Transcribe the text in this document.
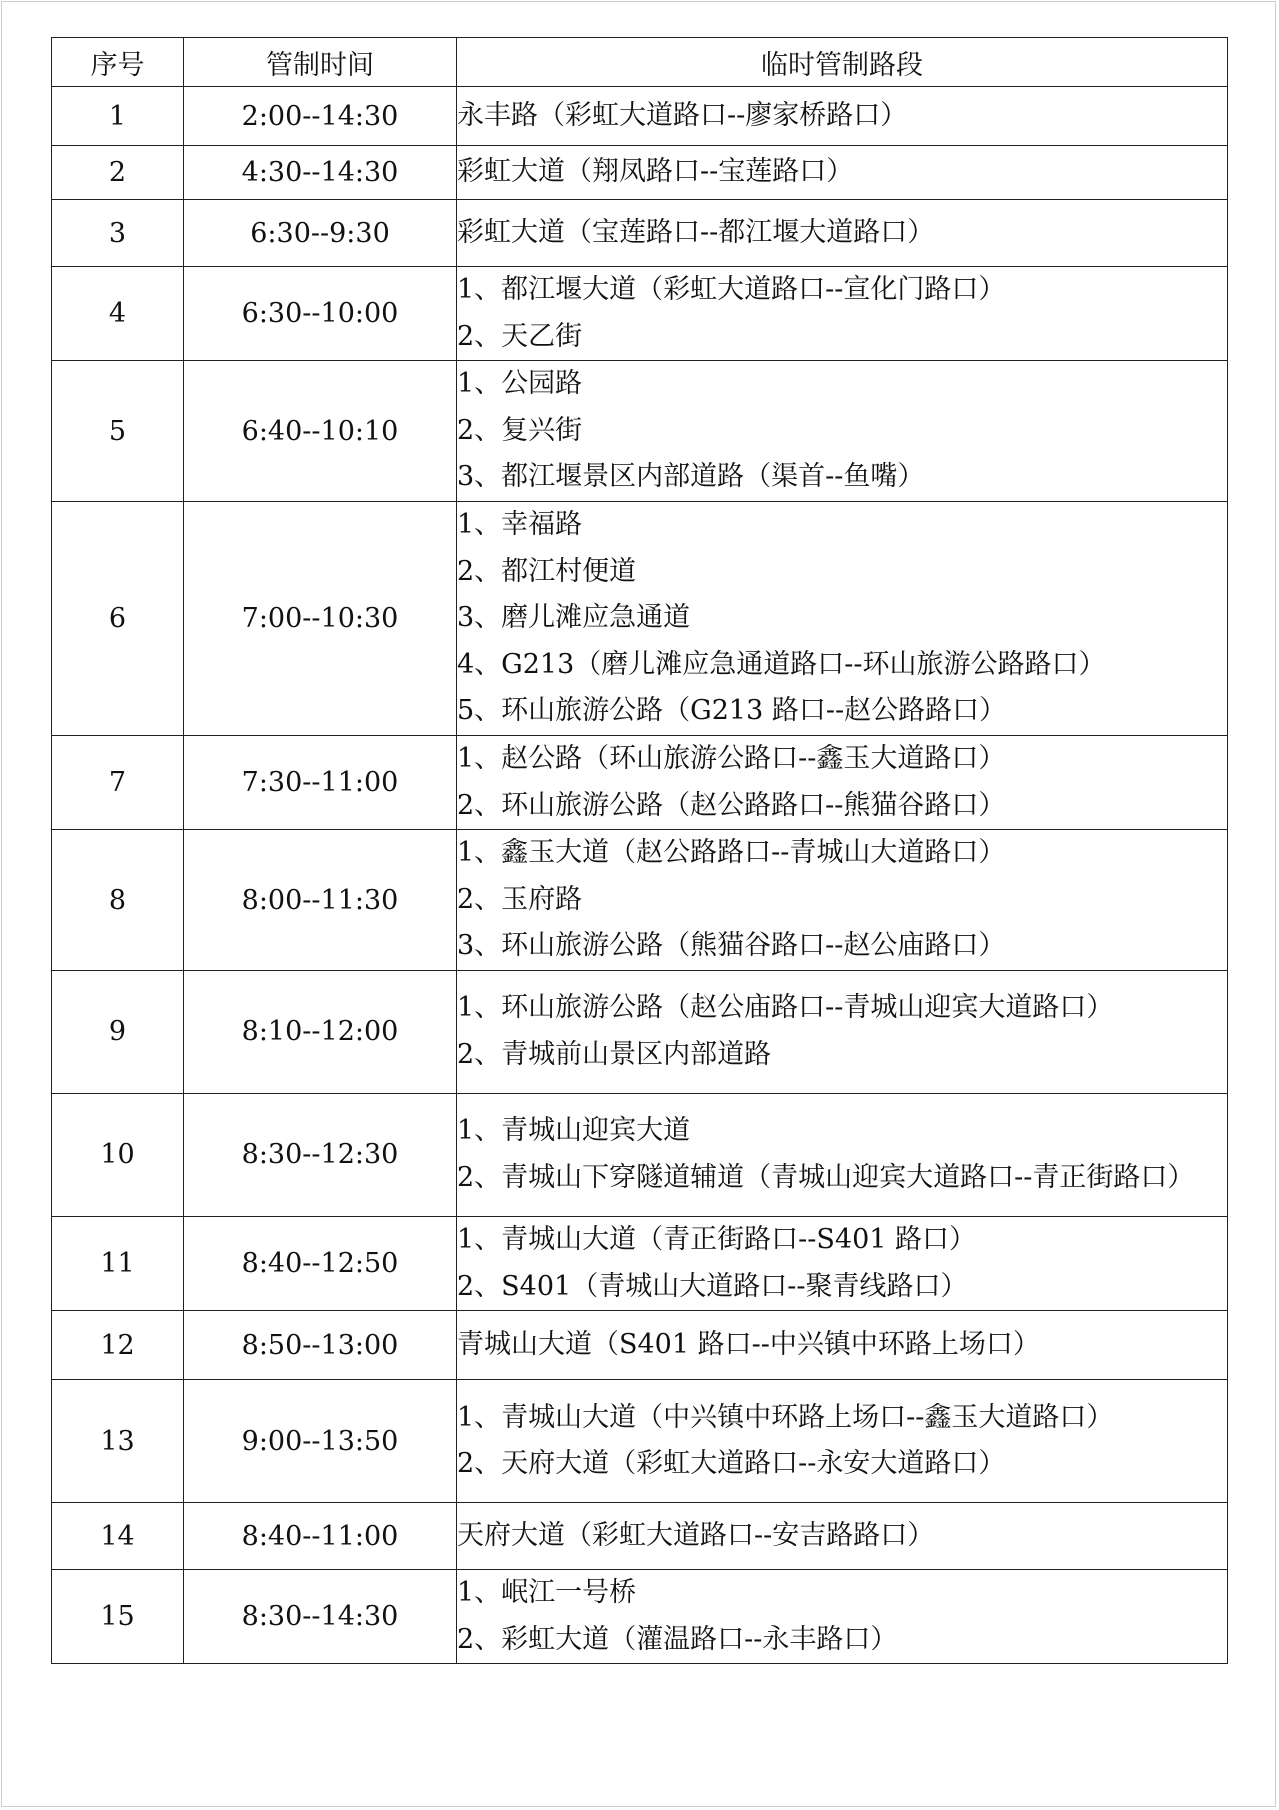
序号	管制时间	临时管制路段
1	2:00--14:30	永丰路（彩虹大道路口--廖家桥路口）

2	4:30--14:30	彩虹大道（翔凤路口--宝莲路口）

3	6:30--9:30	彩虹大道（宝莲路口--都江堰大道路口）

4	6:30--10:00	1、都江堰大道（彩虹大道路口--宣化门路口）
2、天乙街

5	6:40--10:10	1、公园路
2、复兴街
3、都江堰景区内部道路（渠首--鱼嘴）

6	7:00--10:30	1、幸福路
2、都江村便道
3、磨儿滩应急通道
4、G213（磨儿滩应急通道路口--环山旅游公路路口）
5、环山旅游公路（G213 路口--赵公路路口）

7	7:30--11:00	1、赵公路（环山旅游公路口--鑫玉大道路口）
2、环山旅游公路（赵公路路口--熊猫谷路口）

8	8:00--11:30	1、鑫玉大道（赵公路路口--青城山大道路口）
2、玉府路
3、环山旅游公路（熊猫谷路口--赵公庙路口）

9	8:10--12:00	1、环山旅游公路（赵公庙路口--青城山迎宾大道路口）
2、青城前山景区内部道路

10	8:30--12:30	1、青城山迎宾大道
2、青城山下穿隧道辅道（青城山迎宾大道路口--青正街路口）

11	8:40--12:50	1、青城山大道（青正街路口--S401 路口）
2、S401（青城山大道路口--聚青线路口）

12	8:50--13:00	青城山大道（S401 路口--中兴镇中环路上场口）

13	9:00--13:50	1、青城山大道（中兴镇中环路上场口--鑫玉大道路口）
2、天府大道（彩虹大道路口--永安大道路口）

14	8:40--11:00	天府大道（彩虹大道路口--安吉路路口）

15	8:30--14:30	1、岷江一号桥
2、彩虹大道（灌温路口--永丰路口）
